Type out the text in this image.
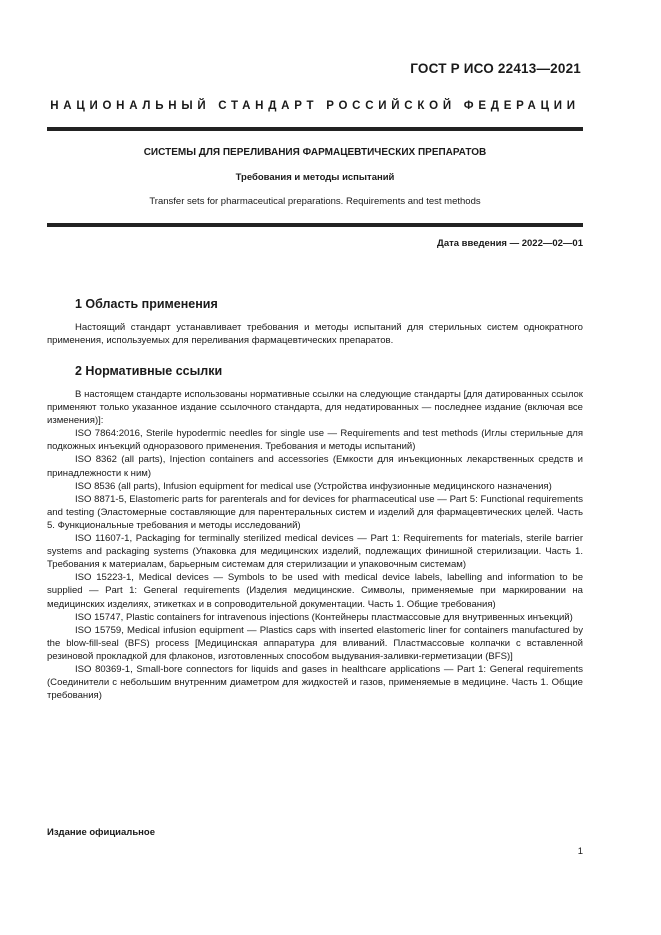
ГОСТ Р ИСО 22413—2021
НАЦИОНАЛЬНЫЙ СТАНДАРТ РОССИЙСКОЙ ФЕДЕРАЦИИ
СИСТЕМЫ ДЛЯ ПЕРЕЛИВАНИЯ ФАРМАЦЕВТИЧЕСКИХ ПРЕПАРАТОВ
Требования и методы испытаний
Transfer sets for pharmaceutical preparations. Requirements and test methods
Дата введения — 2022—02—01
1 Область применения

Настоящий стандарт устанавливает требования и методы испытаний для стерильных систем однократного применения, используемых для переливания фармацевтических препаратов.

2 Нормативные ссылки

В настоящем стандарте использованы нормативные ссылки на следующие стандарты [для датированных ссылок применяют только указанное издание ссылочного стандарта, для недатированных — последнее издание (включая все изменения)]:

ISO 7864:2016, Sterile hypodermic needles for single use — Requirements and test methods (Иглы стерильные для подкожных инъекций одноразового применения. Требования и методы испытаний)

ISO 8362 (all parts), Injection containers and accessories (Емкости для инъекционных лекарственных средств и принадлежности к ним)

ISO 8536 (all parts), Infusion equipment for medical use (Устройства инфузионные медицинского назначения)

ISO 8871-5, Elastomeric parts for parenterals and for devices for pharmaceutical use — Part 5: Functional requirements and testing (Эластомерные составляющие для парентеральных систем и изделий для фармацевтических целей. Часть 5. Функциональные требования и методы исследований)

ISO 11607-1, Packaging for terminally sterilized medical devices — Part 1: Requirements for materials, sterile barrier systems and packaging systems (Упаковка для медицинских изделий, подлежащих финишной стерилизации. Часть 1. Требования к материалам, барьерным системам для стерилизации и упаковочным системам)

ISO 15223-1, Medical devices — Symbols to be used with medical device labels, labelling and information to be supplied — Part 1: General requirements (Изделия медицинские. Символы, применяемые при маркировании на медицинских изделиях, этикетках и в сопроводительной документации. Часть 1. Общие требования)

ISO 15747, Plastic containers for intravenous injections (Контейнеры пластмассовые для внутривенных инъекций)

ISO 15759, Medical infusion equipment — Plastics caps with inserted elastomeric liner for containers manufactured by the blow-fill-seal (BFS) process [Медицинская аппаратура для вливаний. Пластмассовые колпачки с вставленной резиновой прокладкой для флаконов, изготовленных способом выдувания-заливки-герметизации (BFS)]

ISO 80369-1, Small-bore connectors for liquids and gases in healthcare applications — Part 1: General requirements (Соединители с небольшим внутренним диаметром для жидкостей и газов, применяемые в медицине. Часть 1. Общие требования)

Издание официальное
1
